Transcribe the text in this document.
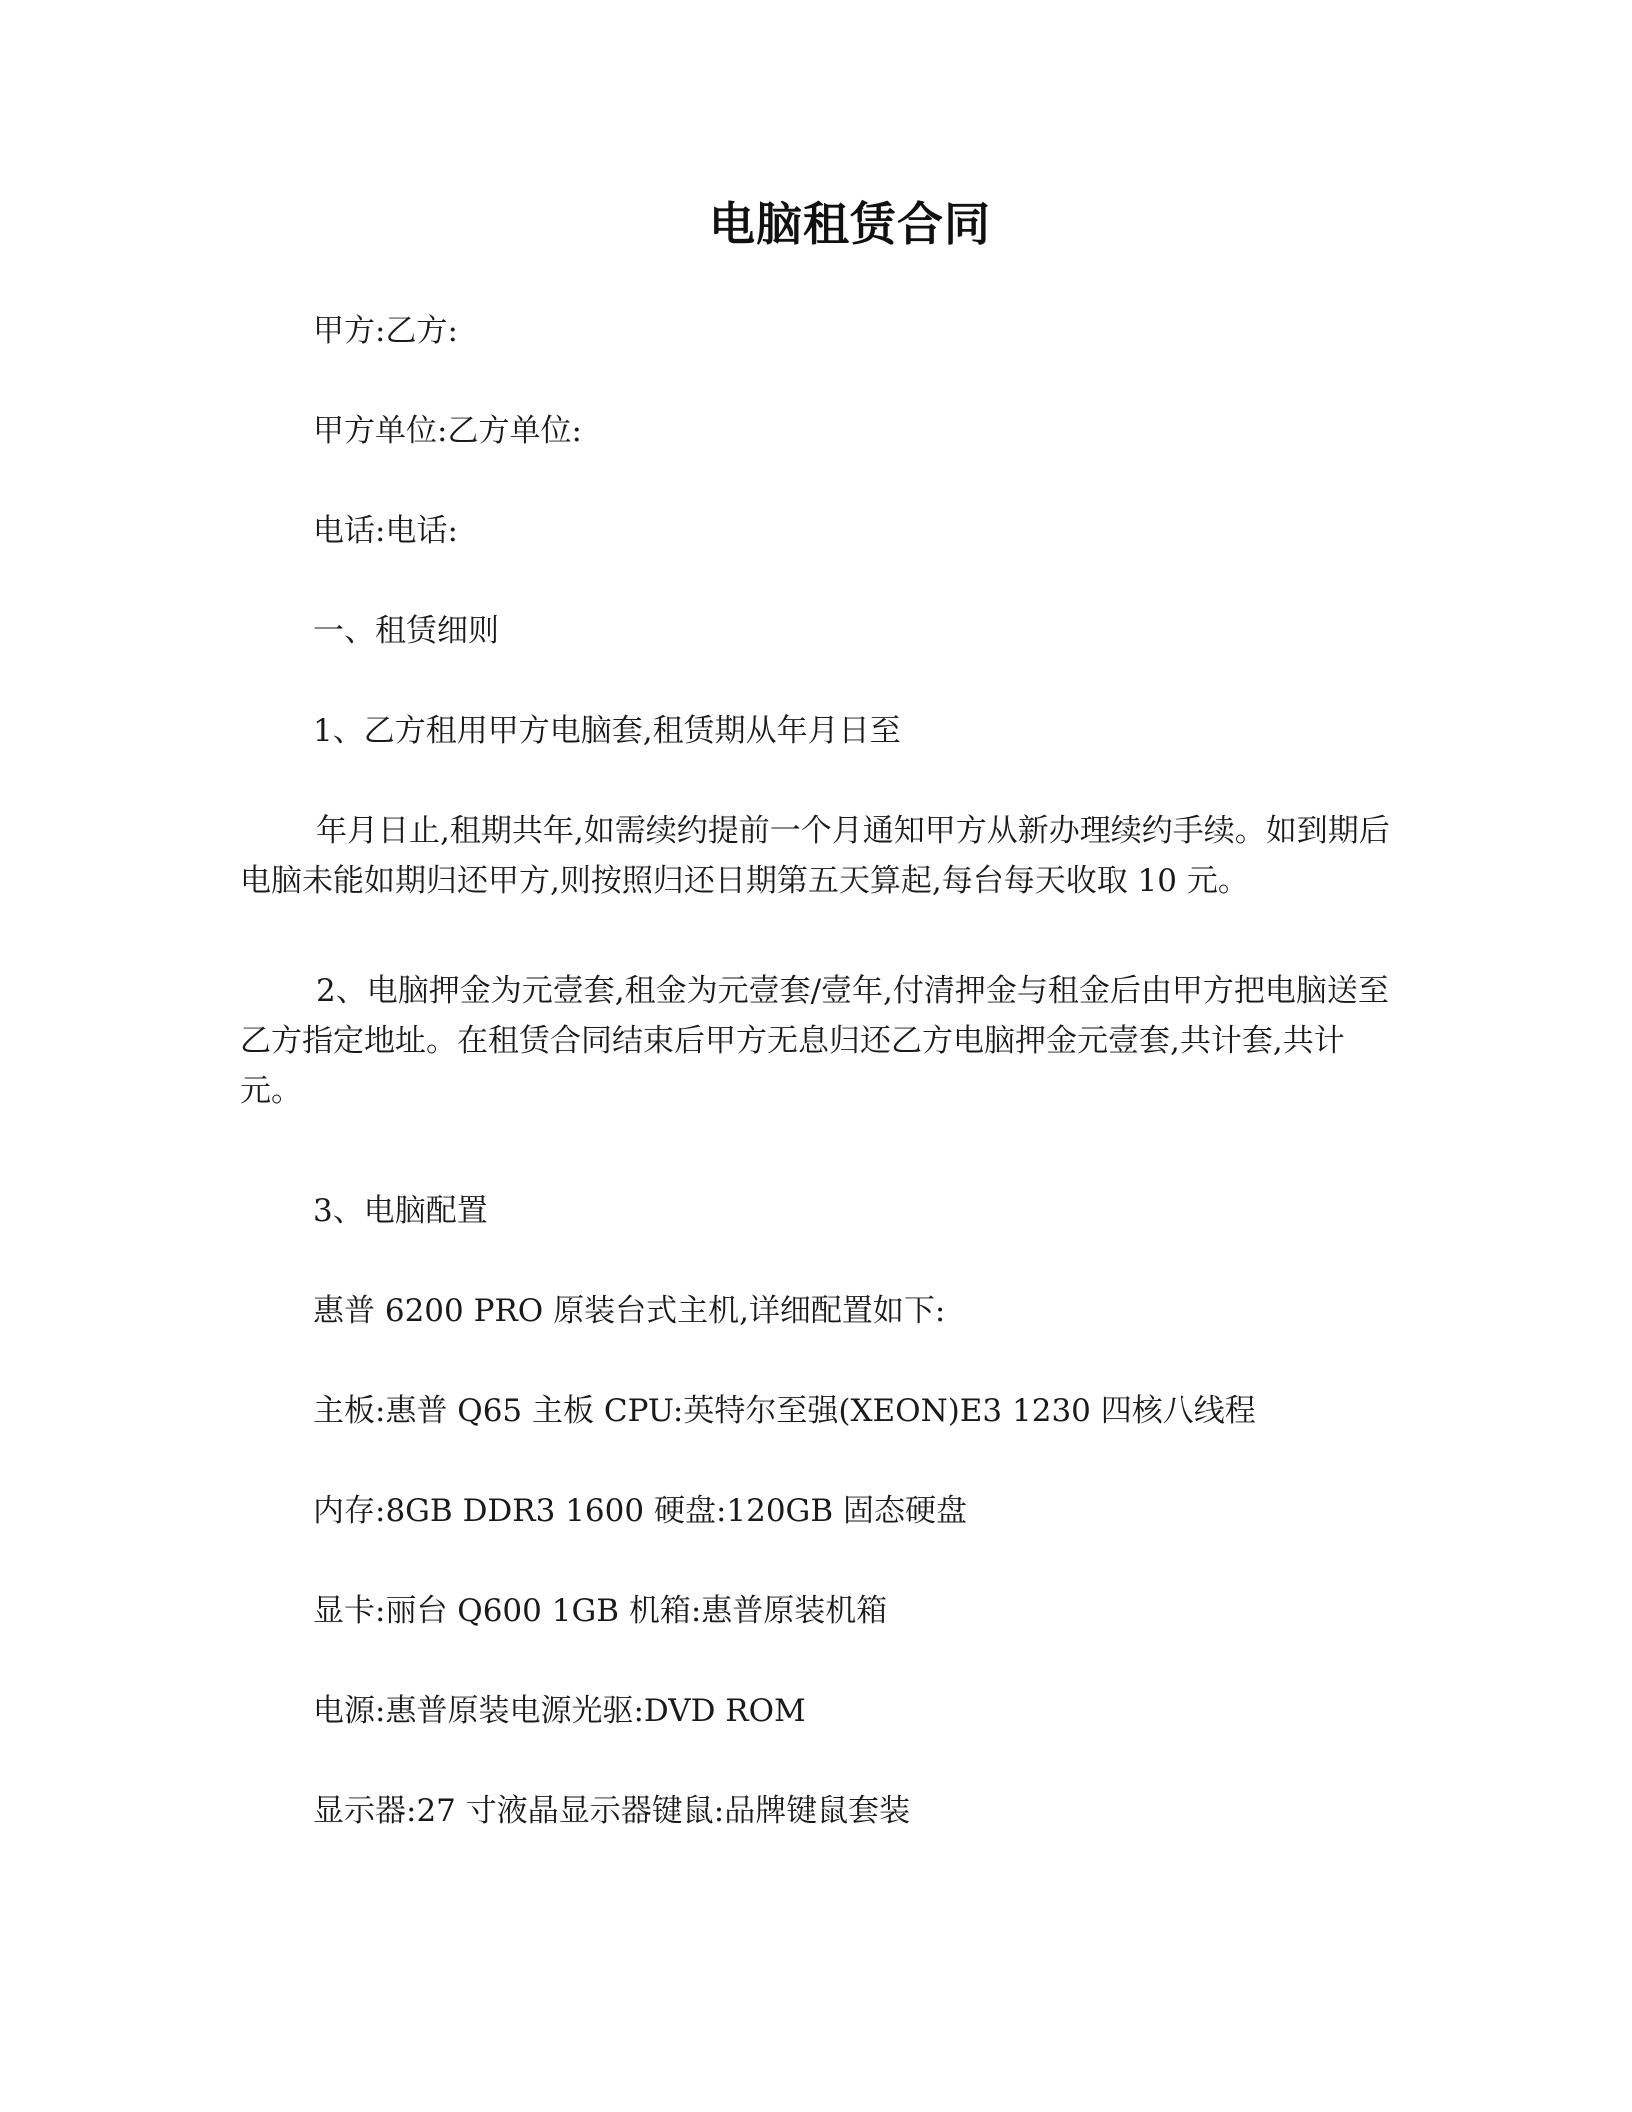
电脑租赁合同
甲方:乙方:
甲方单位:乙方单位:
电话:电话:
一、租赁细则
1、乙方租用甲方电脑套,租赁期从年月日至
年月日止,租期共年,如需续约提前一个月通知甲方从新办理续约手续。如到期后电脑未能如期归还甲方,则按照归还日期第五天算起,每台每天收取 10 元。
2、电脑押金为元壹套,租金为元壹套/壹年,付清押金与租金后由甲方把电脑送至乙方指定地址。在租赁合同结束后甲方无息归还乙方电脑押金元壹套,共计套,共计元。
3、电脑配置
惠普 6200 PRO 原装台式主机,详细配置如下:
主板:惠普 Q65 主板 CPU:英特尔至强(XEON)E3 1230 四核八线程
内存:8GB DDR3 1600 硬盘:120GB 固态硬盘
显卡:丽台 Q600 1GB 机箱:惠普原装机箱
电源:惠普原装电源光驱:DVD ROM
显示器:27 寸液晶显示器键鼠:品牌键鼠套装
